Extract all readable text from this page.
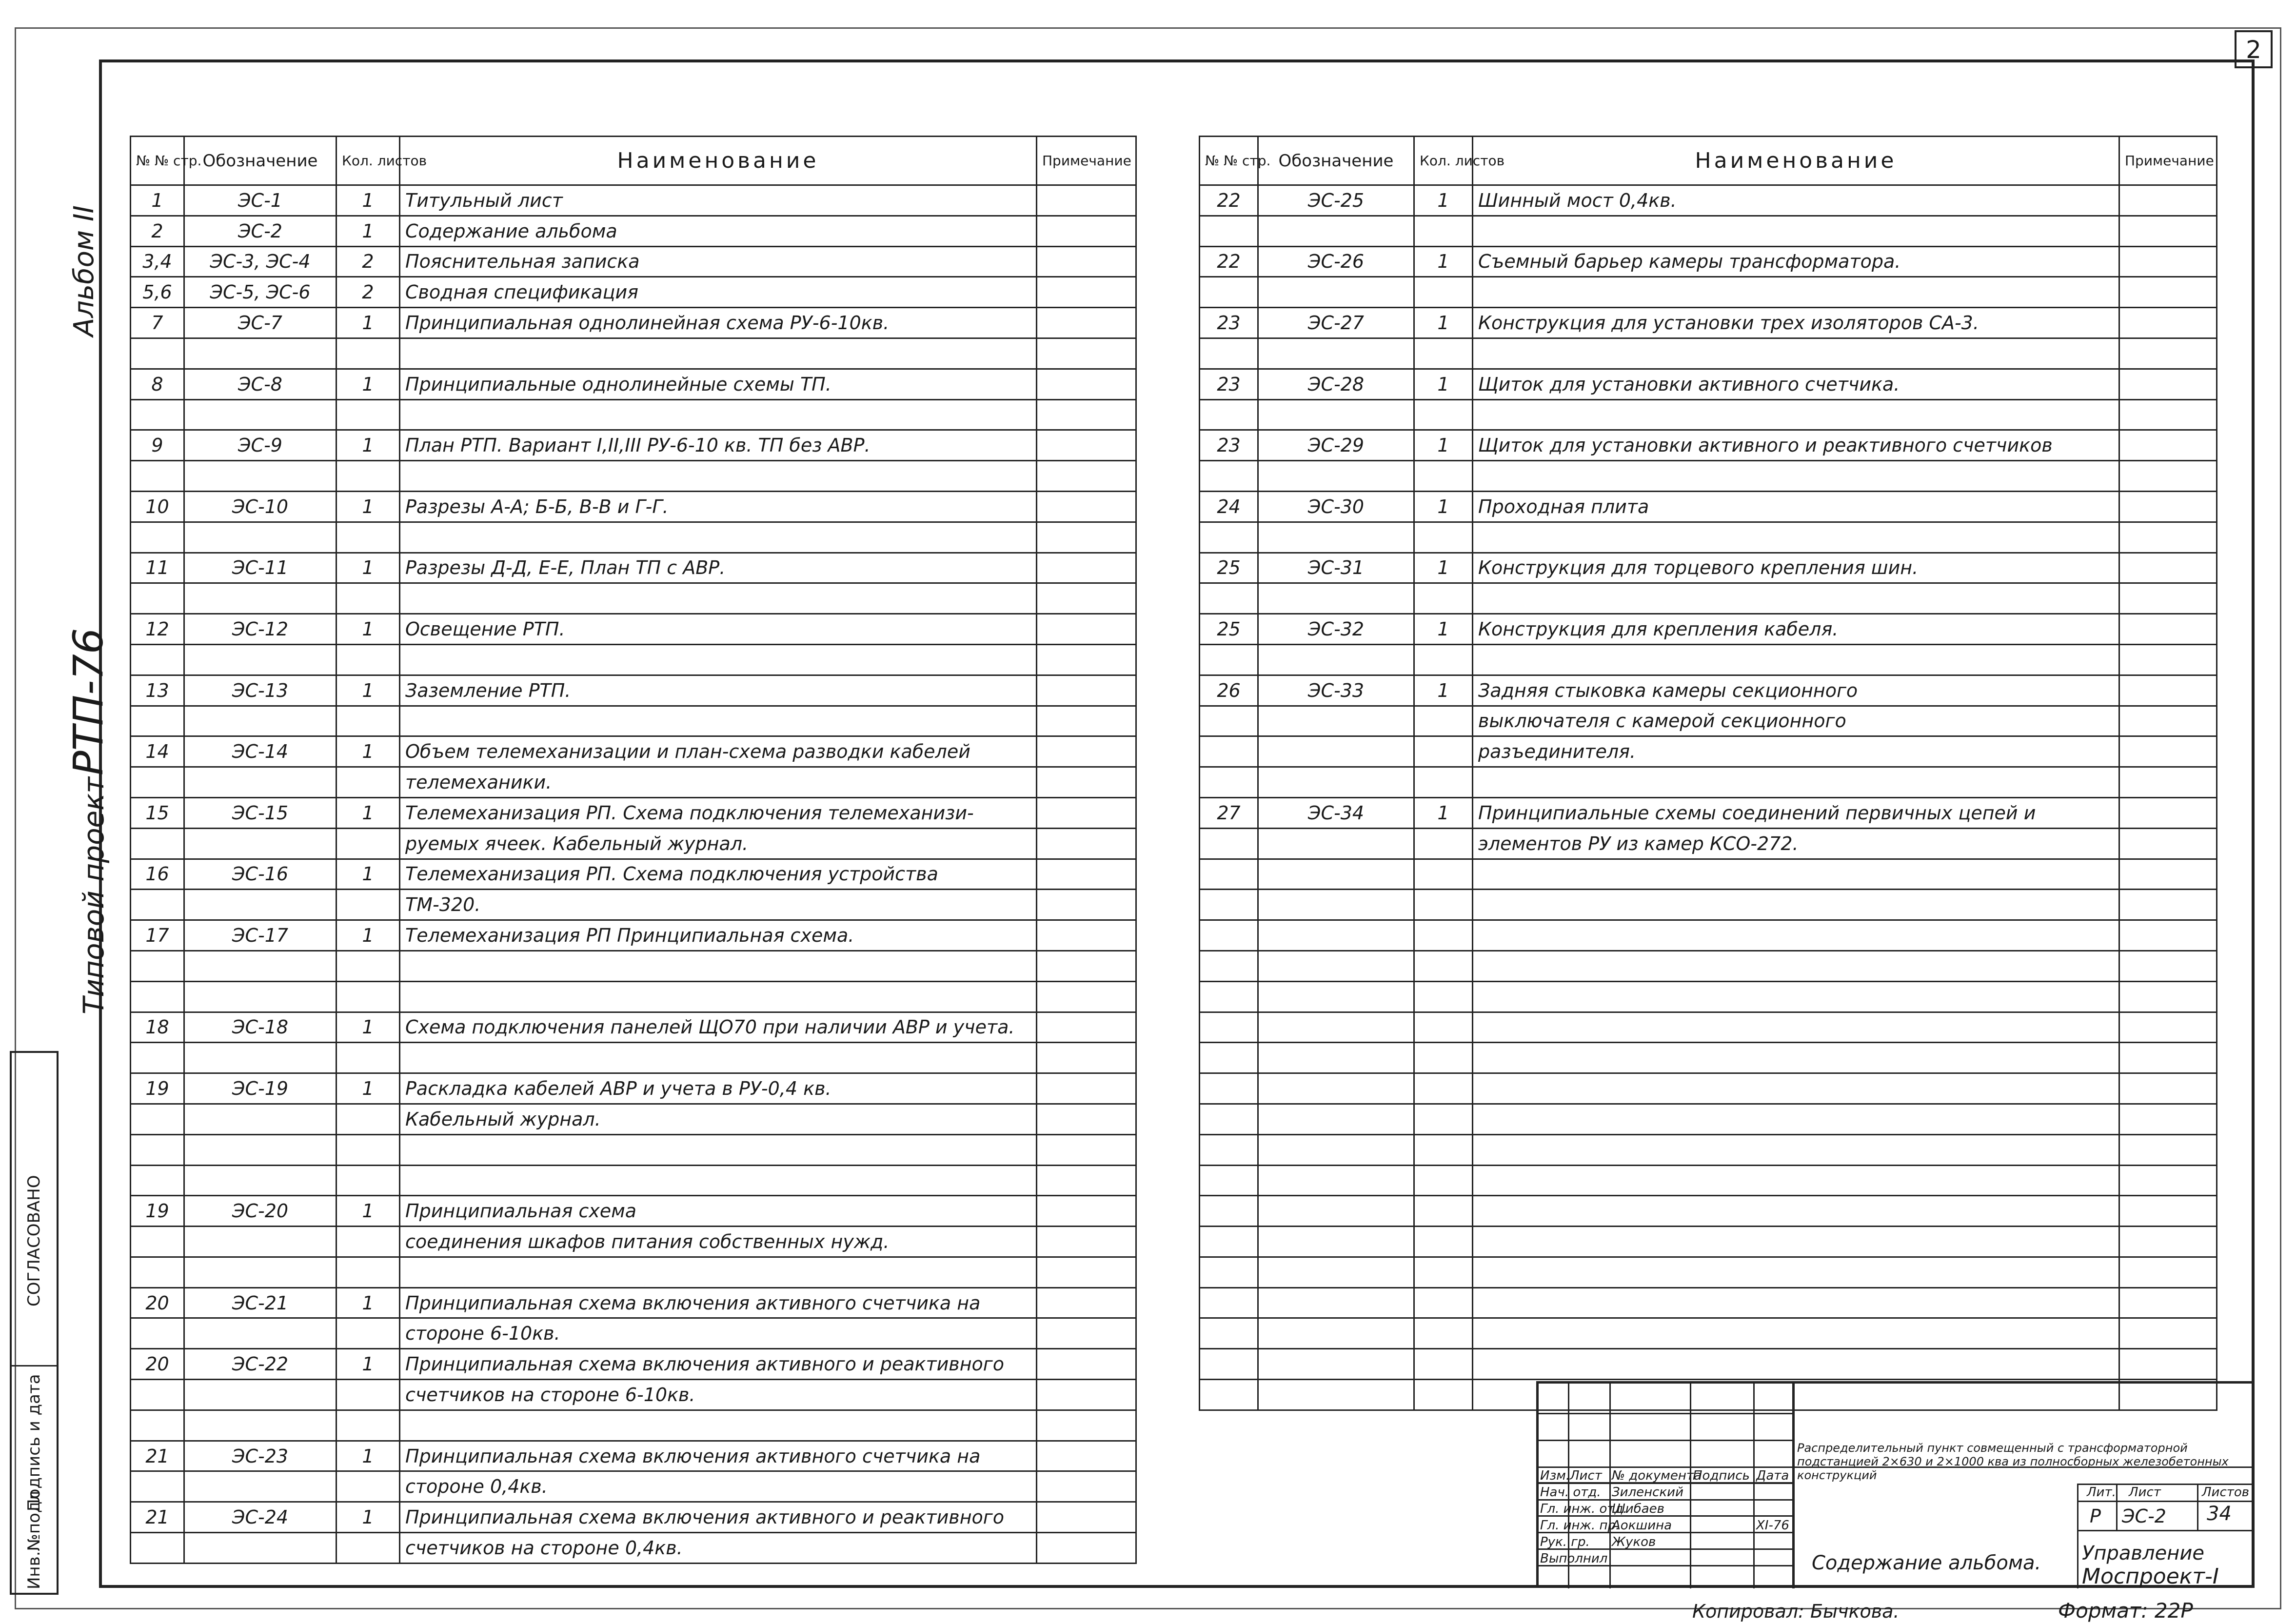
2
Альбом II
РТП-76
Типовой проект
СОГЛАСОВАНО
Подпись и дата
Инв.№подл
№ № стр.	Обозначение	Кол. листов	Наименование	Примечание
1	ЭС-1	1	Титульный лист	
2	ЭС-2	1	Содержание альбома	
3,4	ЭС-3, ЭС-4	2	Пояснительная записка	
5,6	ЭС-5, ЭС-6	2	Сводная спецификация	
7	ЭС-7	1	Принципиальная однолинейная схема РУ-6-10кв.	

8	ЭС-8	1	Принципиальные однолинейные схемы ТП.	

9	ЭС-9	1	План РТП. Вариант I,II,III РУ-6-10 кв. ТП без АВР.	

10	ЭС-10	1	Разрезы А-А; Б-Б, В-В и Г-Г.	

11	ЭС-11	1	Разрезы Д-Д, Е-Е, План ТП с АВР.	

12	ЭС-12	1	Освещение РТП.	

13	ЭС-13	1	Заземление РТП.	

14	ЭС-14	1	Объем телемеханизации и план-схема разводки кабелей	
			телемеханики.	
15	ЭС-15	1	Телемеханизация РП. Схема подключения телемеханизи-	
			руемых ячеек. Кабельный журнал.	
16	ЭС-16	1	Телемеханизация РП. Схема подключения устройства	
			ТМ-320.	
17	ЭС-17	1	Телемеханизация РП Принципиальная схема.	

18	ЭС-18	1	Схема подключения панелей ЩО70 при наличии АВР и учета.	

19	ЭС-19	1	Раскладка кабелей АВР и учета в РУ-0,4 кв.	
			Кабельный журнал.	

19	ЭС-20	1	Принципиальная схема	
			соединения шкафов питания собственных нужд.	

20	ЭС-21	1	Принципиальная схема включения активного счетчика на	
			стороне 6-10кв.	
20	ЭС-22	1	Принципиальная схема включения активного и реактивного	
			счетчиков на стороне 6-10кв.	

21	ЭС-23	1	Принципиальная схема включения активного счетчика на	
			стороне 0,4кв.	
21	ЭС-24	1	Принципиальная схема включения активного и реактивного	
			счетчиков на стороне 0,4кв.	
№ № стр.	Обозначение	Кол. листов	Наименование	Примечание
22	ЭС-25	1	Шинный мост 0,4кв.	

22	ЭС-26	1	Съемный барьер камеры трансформатора.	

23	ЭС-27	1	Конструкция для установки трех изоляторов СА-3.	

23	ЭС-28	1	Щиток для установки активного счетчика.	

23	ЭС-29	1	Щиток для установки активного и реактивного счетчиков	

24	ЭС-30	1	Проходная плита	

25	ЭС-31	1	Конструкция для торцевого крепления шин.	

25	ЭС-32	1	Конструкция для крепления кабеля.	

26	ЭС-33	1	Задняя стыковка камеры секционного	
			выключателя с камерой секционного	
			разъединителя.	

27	ЭС-34	1	Принципиальные схемы соединений первичных цепей и	
			элементов РУ из камер КСО-272.	

Изм. Лист № документа
Подпись Дата
Нач. отд. Зиленский
Гл. инж. отд.
Шибаев
Гл. инж. пр.
Аокшина	XI-76
Рук. гр. Жуков
Выполнил
Распределительный пункт совмещенный с трансформаторной подстанцией 2×630 и 2×1000 ква из полносборных железобетонных конструкций
Лит. Лист	Листов
Р ЭС-2 34
Содержание альбома. Управление
Моспроект-I
Копировал: Бычкова.	Формат: 22Р
